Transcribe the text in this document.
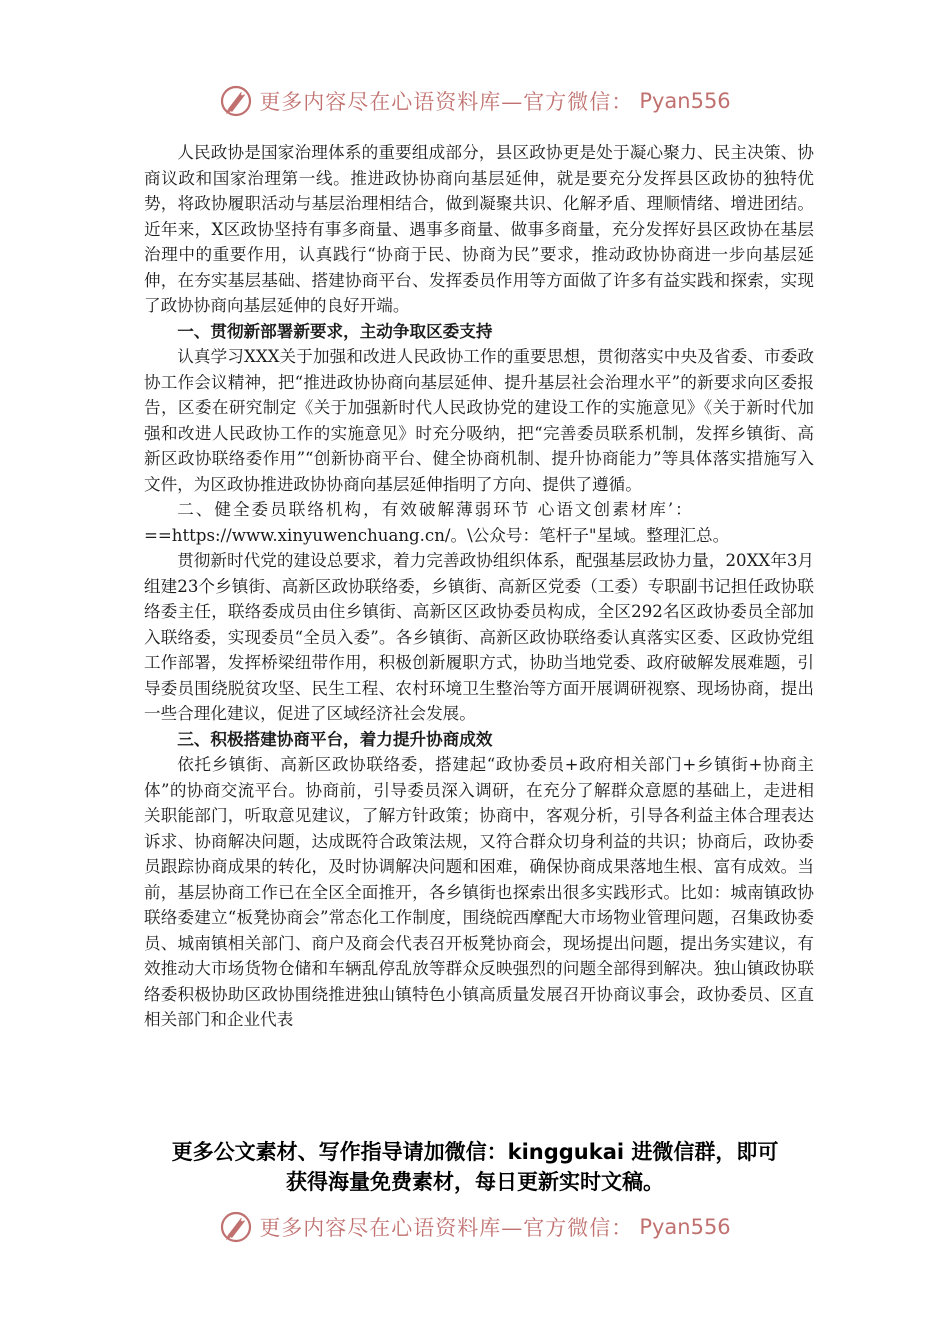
更多内容尽在心语资料库—官方微信： Pyan556

人民政协是国家治理体系的重要组成部分，县区政协更是处于凝心聚力、民主决策、协商议政和国家治理第一线。推进政协协商向基层延伸，就是要充分发挥县区政协的独特优势，将政协履职活动与基层治理相结合，做到凝聚共识、化解矛盾、理顺情绪、增进团结。近年来，X区政协坚持有事多商量、遇事多商量、做事多商量，充分发挥好县区政协在基层治理中的重要作用，认真践行“协商于民、协商为民”要求，推动政协协商进一步向基层延伸，在夯实基层基础、搭建协商平台、发挥委员作用等方面做了许多有益实践和探索，实现了政协协商向基层延伸的良好开端。

一、贯彻新部署新要求，主动争取区委支持

认真学习XXX关于加强和改进人民政协工作的重要思想，贯彻落实中央及省委、市委政协工作会议精神，把“推进政协协商向基层延伸、提升基层社会治理水平”的新要求向区委报告，区委在研究制定《关于加强新时代人民政协党的建设工作的实施意见》《关于新时代加强和改进人民政协工作的实施意见》时充分吸纳，把“完善委员联系机制，发挥乡镇街、高新区政协联络委作用”“创新协商平台、健全协商机制、提升协商能力”等具体落实措施写入文件，为区政协推进政协协商向基层延伸指明了方向、提供了遵循。

二、健全委员联络机构，有效破解薄弱环节 心语文创素材库’：

==https://www.xinyuwenchuang.cn/。\公众号：笔杆子"星域。整理汇总。

贯彻新时代党的建设总要求，着力完善政协组织体系，配强基层政协力量，20XX年3月组建23个乡镇街、高新区政协联络委，乡镇街、高新区党委（工委）专职副书记担任政协联络委主任，联络委成员由住乡镇街、高新区区政协委员构成，全区292名区政协委员全部加入联络委，实现委员“全员入委”。各乡镇街、高新区政协联络委认真落实区委、区政协党组工作部署，发挥桥梁纽带作用，积极创新履职方式，协助当地党委、政府破解发展难题，引导委员围绕脱贫攻坚、民生工程、农村环境卫生整治等方面开展调研视察、现场协商，提出一些合理化建议，促进了区域经济社会发展。

三、积极搭建协商平台，着力提升协商成效

依托乡镇街、高新区政协联络委，搭建起“政协委员+政府相关部门+乡镇街+协商主体”的协商交流平台。协商前，引导委员深入调研，在充分了解群众意愿的基础上，走进相关职能部门，听取意见建议，了解方针政策；协商中，客观分析，引导各利益主体合理表达诉求、协商解决问题，达成既符合政策法规，又符合群众切身利益的共识；协商后，政协委员跟踪协商成果的转化，及时协调解决问题和困难，确保协商成果落地生根、富有成效。当前，基层协商工作已在全区全面推开，各乡镇街也探索出很多实践形式。比如：城南镇政协联络委建立“板凳协商会”常态化工作制度，围绕皖西摩配大市场物业管理问题，召集政协委员、城南镇相关部门、商户及商会代表召开板凳协商会，现场提出问题，提出务实建议，有效推动大市场货物仓储和车辆乱停乱放等群众反映强烈的问题全部得到解决。独山镇政协联络委积极协助区政协围绕推进独山镇特色小镇高质量发展召开协商议事会，政协委员、区直相关部门和企业代表

更多公文素材、写作指导请加微信：kinggukai 进微信群，即可
获得海量免费素材，每日更新实时文稿。
更多内容尽在心语资料库—官方微信： Pyan556
